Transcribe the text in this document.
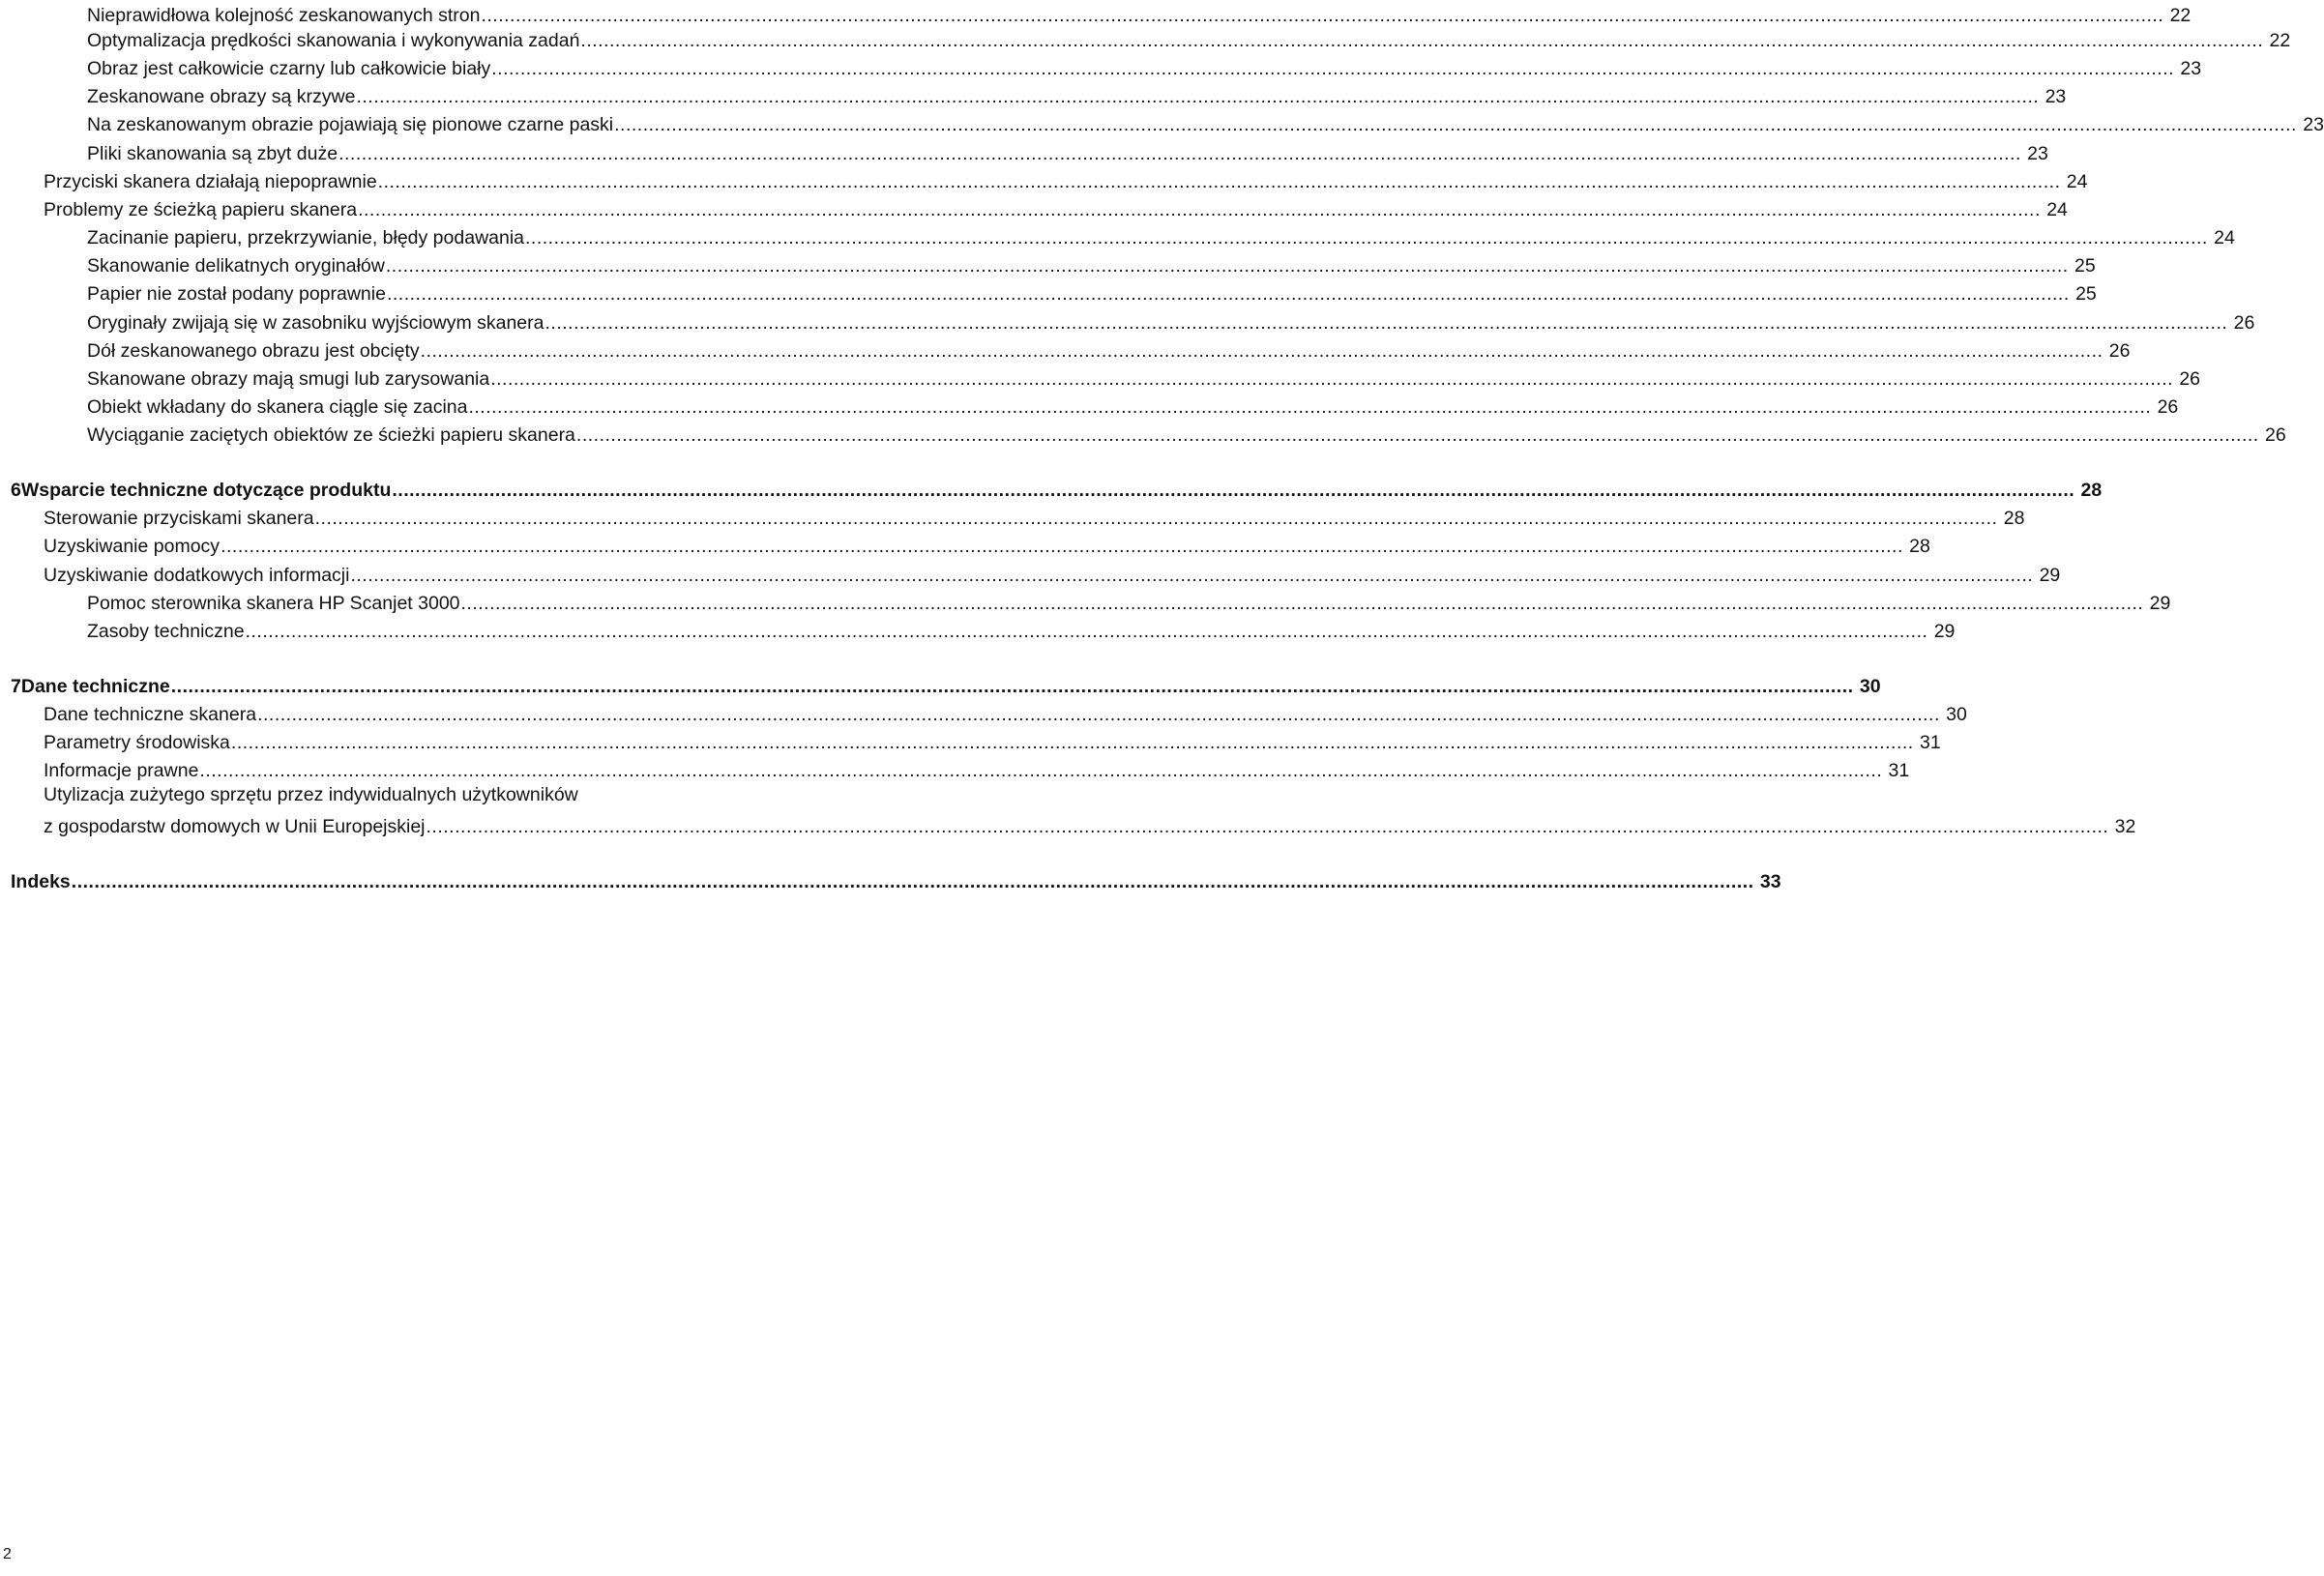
Nieprawidłowa kolejność zeskanowanych stron .....	22
Optymalizacja prędkości skanowania i wykonywania zadań .....	22
Obraz jest całkowicie czarny lub całkowicie biały .....	23
Zeskanowane obrazy są krzywe .....	23
Na zeskanowanym obrazie pojawiają się pionowe czarne paski .....	23
Pliki skanowania są zbyt duże .....	23
Przyciski skanera działają niepoprawnie .....	24
Problemy ze ścieżką papieru skanera .....	24
Zacinanie papieru, przekrzywianie, błędy podawania .....	24
Skanowanie delikatnych oryginałów .....	25
Papier nie został podany poprawnie .....	25
Oryginały zwijają się w zasobniku wyjściowym skanera .....	26
Dół zeskanowanego obrazu jest obcięty .....	26
Skanowane obrazy mają smugi lub zarysowania .....	26
Obiekt wkładany do skanera ciągle się zacina .....	26
Wyciąganie zaciętych obiektów ze ścieżki papieru skanera .....	26
6 Wsparcie techniczne dotyczące produktu .....	28
Sterowanie przyciskami skanera .....	28
Uzyskiwanie pomocy .....	28
Uzyskiwanie dodatkowych informacji .....	29
Pomoc sterownika skanera HP Scanjet 3000 .....	29
Zasoby techniczne .....	29
7 Dane techniczne .....	30
Dane techniczne skanera .....	30
Parametry środowiska .....	31
Informacje prawne .....	31
Utylizacja zużytego sprzętu przez indywidualnych użytkowników
z gospodarstw domowych w Unii Europejskiej .....	32
Indeks .....	33
2
